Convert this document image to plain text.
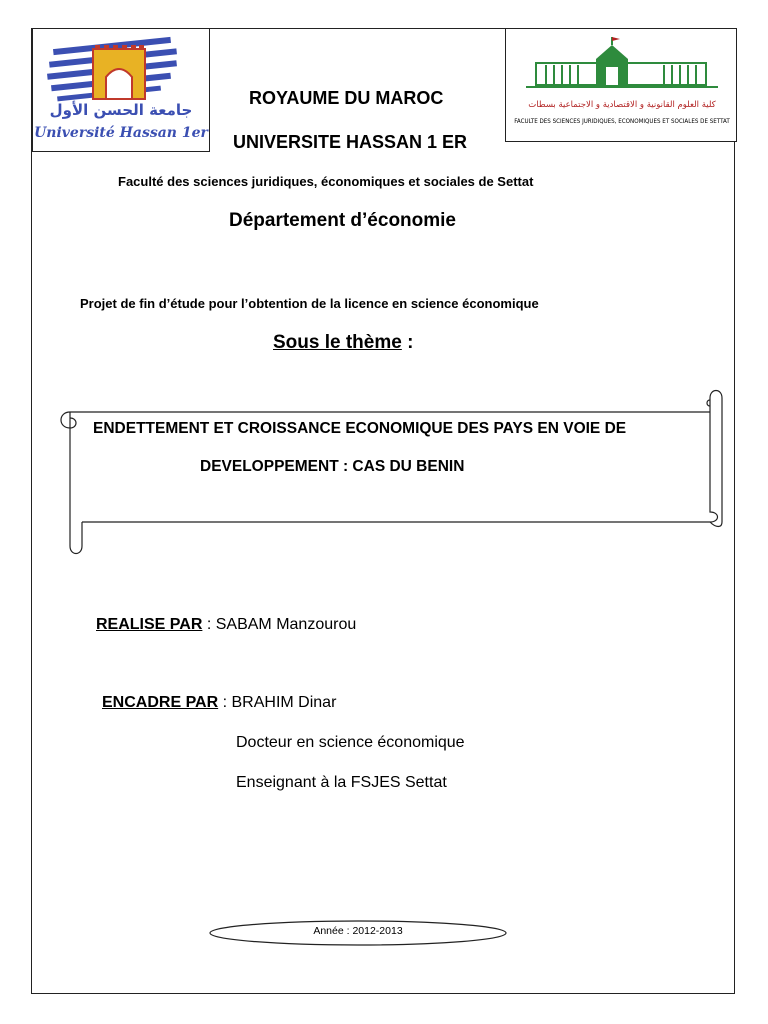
جامعة الحسن الأول
Université Hassan 1er
كلية العلوم القانونية و الاقتصادية و الاجتماعية بسطات
FACULTE DES SCIENCES JURIDIQUES, ECONOMIQUES ET SOCIALES DE SETTAT
ROYAUME DU MAROC
UNIVERSITE HASSAN 1 ER
Faculté des sciences juridiques, économiques et sociales de Settat
Département d’économie
Projet de fin d’étude pour l’obtention de la licence en science économique
Sous le thème :
ENDETTEMENT ET CROISSANCE ECONOMIQUE DES PAYS EN VOIE DE
DEVELOPPEMENT : CAS DU BENIN
REALISE PAR : SABAM Manzourou
ENCADRE PAR : BRAHIM Dinar
Docteur en science économique
Enseignant à la FSJES Settat
Année : 2012-2013
